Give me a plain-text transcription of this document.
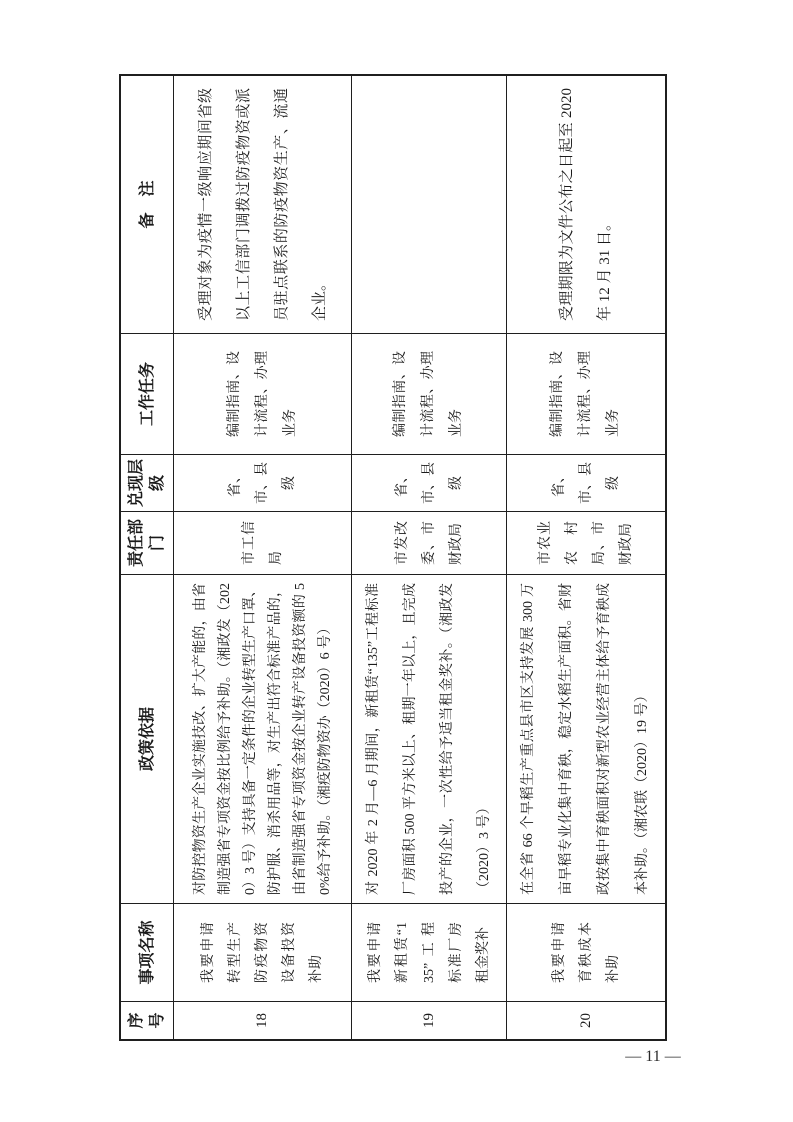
序号
事项名称
政策依据
责任部门
兑现层级
工作任务
备　注
18
我要申请转型生产防疫物资设备投资补助
对防控物资生产企业实施技改、扩大产能的，由省制造强省专项资金按比例给予补助。（湘政发（2020）3 号）支持具备一定条件的企业转型生产口罩、防护服、消杀用品等，对生产出符合标准产品的，由省制造强省专项资金按企业转产设备投资额的 50%给予补助。（湘疫防物资办（2020）6 号）
市工信局
省、市、县级
编制指南、设计流程、办理业务
受理对象为疫情一级响应期间省级以上工信部门调拨过防疫物资或派员驻点联系的防疫物资生产、流通企业。
19
我要申请新租赁“135”工程标准厂房租金奖补
对 2020 年 2 月—6 月期间，新租赁“135”工程标准厂房面积 500 平方米以上、租期一年以上，且完成投产的企业，一次性给予适当租金奖补。（湘政发（2020）3 号）
市发改委、市财政局
省、市、县级
编制指南、设计流程、办理业务
20
我要申请育秧成本补助
在全省 66 个早稻生产重点县市区支持发展 300 万亩早稻专业化集中育秧，稳定水稻生产面积。省财政按集中育秧面积对新型农业经营主体给予育秧成本补助。（湘农联（2020）19 号）
市农业农村局、市财政局
省、市、县级
编制指南、设计流程、办理业务
受理期限为文件公布之日起至 2020 年 12 月 31 日。
— 11 —
